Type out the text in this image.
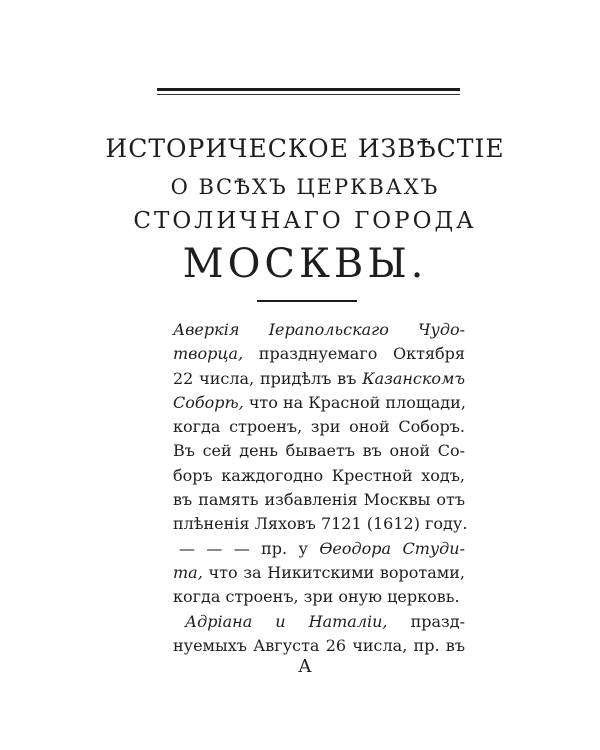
ИСТОРИЧЕСКОЕ ИЗВѢСТІЕ
О ВСѢХЪ ЦЕРКВАХЪ
СТОЛИЧНАГО ГОРОДА
МОСКВЫ.
Аверкія Іерапольскаго Чудо-
творца, празднуемаго Октября
22 числа, придѣлъ въ Казанскомъ
Соборѣ, что на Красной площади,
когда строенъ, зри оной Соборъ.
Въ сей день бываетъ въ оной Со-
боръ каждогодно Крестной ходъ,
въ память избавленія Москвы отъ
плѣненія Ляховъ 7121 (1612) году.
— — — пр. у Ѳеодора Студи-
та, что за Никитскими воротами,
когда строенъ, зри оную церковь.
Адріана и Наталіи, празд-
нуемыхъ Августа 26 числа, пр. въ
А
